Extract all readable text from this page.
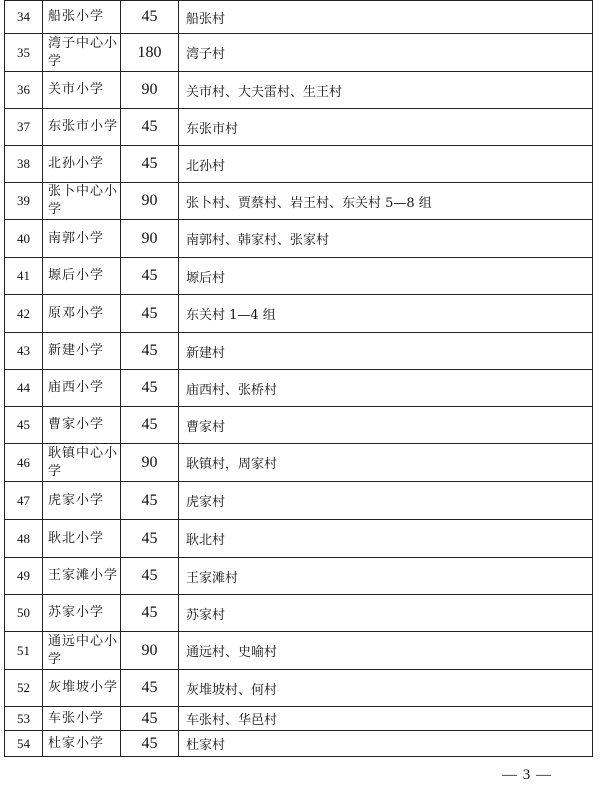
34	船张小学	45	船张村
35	湾子中心小学	180	湾子村
36	关市小学	90	关市村、大夫雷村、生王村
37	东张市小学	45	东张市村
38	北孙小学	45	北孙村
39	张卜中心小学	90	张卜村、贾蔡村、岩王村、东关村 5—8 组
40	南郭小学	90	南郭村、韩家村、张家村
41	塬后小学	45	塬后村
42	原邓小学	45	东关村 1—4 组
43	新建小学	45	新建村
44	庙西小学	45	庙西村、张桥村
45	曹家小学	45	曹家村
46	耿镇中心小学	90	耿镇村，周家村
47	虎家小学	45	虎家村
48	耿北小学	45	耿北村
49	王家滩小学	45	王家滩村
50	苏家小学	45	苏家村
51	通远中心小学	90	通远村、史喻村
52	灰堆坡小学	45	灰堆坡村、何村
53	车张小学	45	车张村、华邑村
54	杜家小学	45	杜家村
— 3 —
